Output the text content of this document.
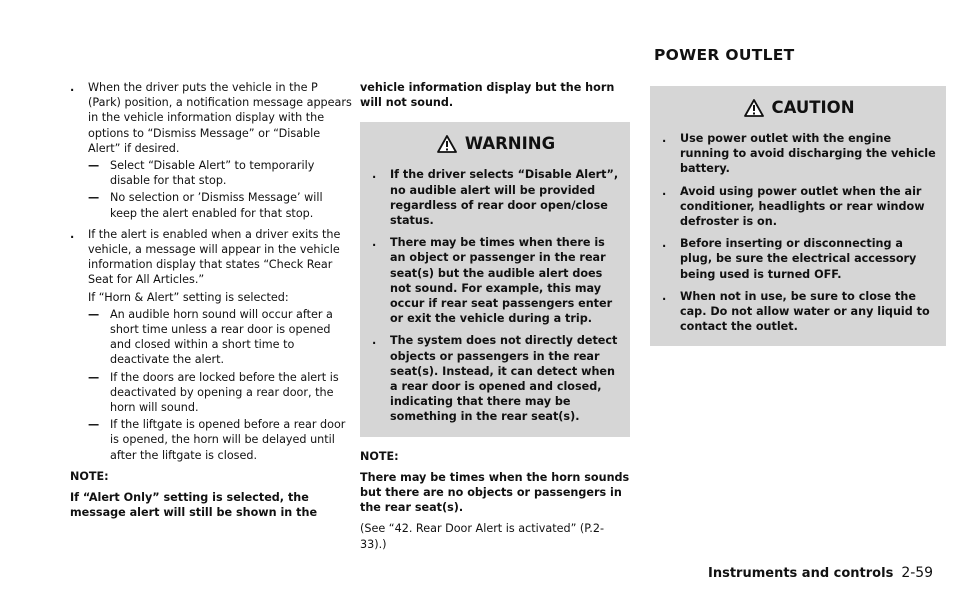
.	When the driver puts the vehicle in the P (Park) position, a notification message appears in the vehicle information display with the options to “Dismiss Message” or “Disable Alert” if desired.
— Select “Disable Alert” to temporarily disable for that stop.
— No selection or ’Dismiss Message’ will keep the alert enabled for that stop.
.	If the alert is enabled when a driver exits the vehicle, a message will appear in the vehicle information display that states “Check Rear Seat for All Articles.”
If “Horn & Alert” setting is selected:
— An audible horn sound will occur after a short time unless a rear door is opened and closed within a short time to deactivate the alert.
— If the doors are locked before the alert is deactivated by opening a rear door, the horn will sound.
— If the liftgate is opened before a rear door is opened, the horn will be delayed until after the liftgate is closed.

NOTE:

If “Alert Only” setting is selected, the message alert will still be shown in the

vehicle information display but the horn will not sound.

WARNING
.	If the driver selects “Disable Alert”, no audible alert will be provided regardless of rear door open/close status.
.	There may be times when there is an object or passenger in the rear seat(s) but the audible alert does not sound. For example, this may occur if rear seat passengers enter or exit the vehicle during a trip.
.	The system does not directly detect objects or passengers in the rear seat(s). Instead, it can detect when a rear door is opened and closed, indicating that there may be something in the rear seat(s).

NOTE:

There may be times when the horn sounds but there are no objects or passengers in the rear seat(s).

(See “42. Rear Door Alert is activated” (P.2-33).)

POWER OUTLET
CAUTION
.	Use power outlet with the engine running to avoid discharging the vehicle battery.
.	Avoid using power outlet when the air conditioner, headlights or rear window defroster is on.
.	Before inserting or disconnecting a plug, be sure the electrical accessory being used is turned OFF.
.	When not in use, be sure to close the cap. Do not allow water or any liquid to contact the outlet.
Instruments and controls 2-59
